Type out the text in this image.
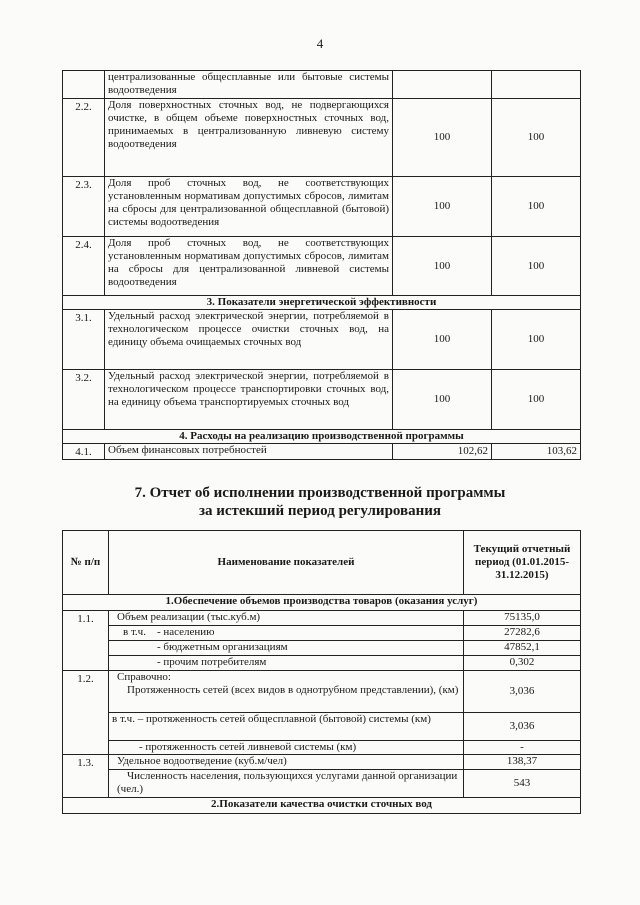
4
	централизованные общесплавные или бытовые системы водоотведения		
2.2.	Доля поверхностных сточных вод, не подвергающихся очистке, в общем объеме поверхностных сточных вод, принимаемых в централизованную ливневую систему водоотведения	100	100
2.3.	Доля проб сточных вод, не соответствующих установленным нормативам допустимых сбросов, лимитам на сбросы для централизованной общесплавной (бытовой) системы водоотведения	100	100
2.4.	Доля проб сточных вод, не соответствующих установленным нормативам допустимых сбросов, лимитам на сбросы для централизованной ливневой системы водоотведения	100	100
3. Показатели энергетической эффективности			
3.1.	Удельный расход электрической энергии, потребляемой в технологическом процессе очистки сточных вод, на единицу объема очищаемых сточных вод	100	100
3.2.	Удельный расход электрической энергии, потребляемой в технологическом процессе транспортировки сточных вод, на единицу объема транспортируемых сточных вод	100	100
4. Расходы на реализацию производственной программы			
4.1.	Объем финансовых потребностей	102,62	103,62
7. Отчет об исполнении производственной программы
за истекший период регулирования
№ п/п	Наименование показателей	Текущий отчетный период (01.01.2015-31.12.2015)
1.Обеспечение объемов производства товаров (оказания услуг)		
1.1.	Объем реализации (тыс.куб.м)	75135,0
	в т.ч. - населению	27282,6
	- бюджетным организациям	47852,1
	- прочим потребителям	0,302
1.2.	Справочно:
Протяженность сетей (всех видов в однотрубном представлении), (км)	3,036
	в т.ч. – протяженность сетей общесплавной (бытовой) системы (км)	3,036
	- протяженность сетей ливневой системы (км)	-
1.3.	Удельное водоотведение (куб.м/чел)	138,37
	Численность населения, пользующихся услугами данной организации (чел.)	543
2.Показатели качества очистки сточных вод		
